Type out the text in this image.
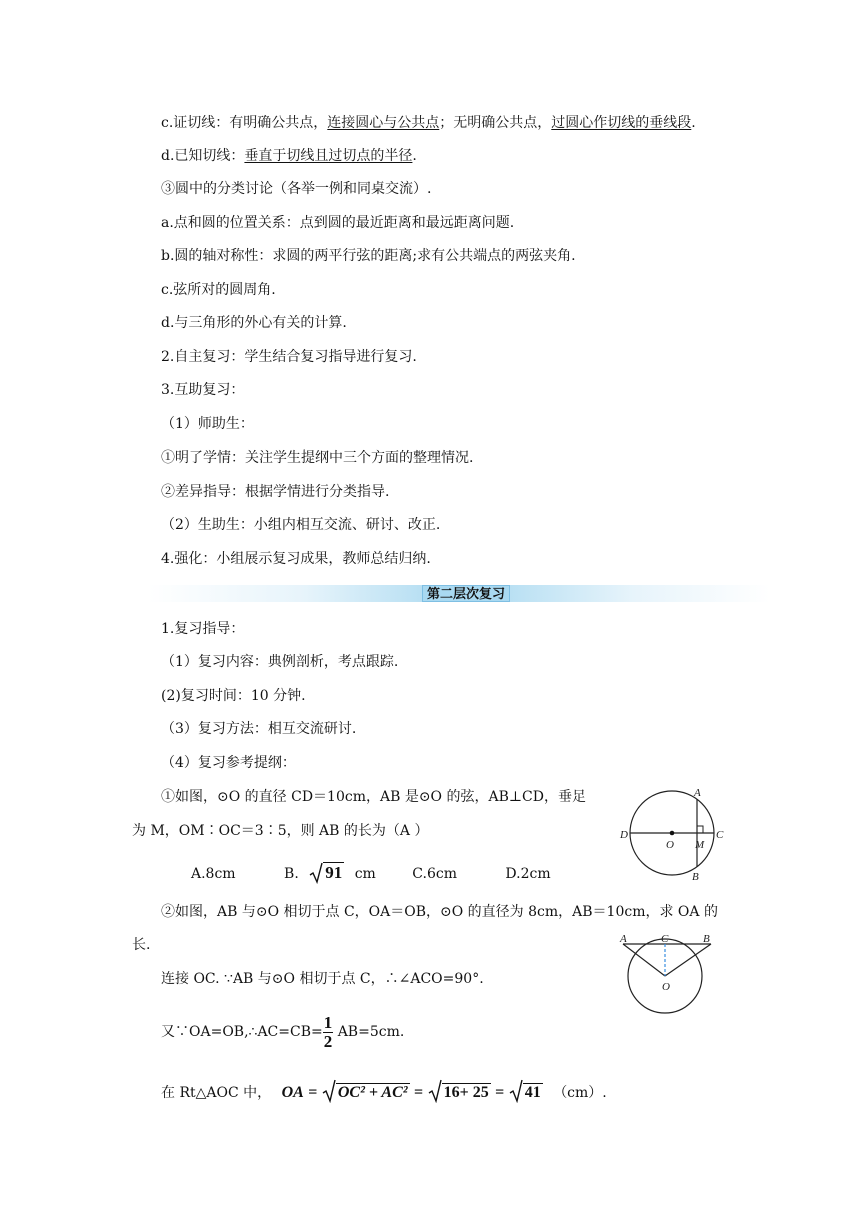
c.证切线：有明确公共点，连接圆心与公共点；无明确公共点，过圆心作切线的垂线段.
d.已知切线：垂直于切线且过切点的半径.
③圆中的分类讨论（各举一例和同桌交流）.
a.点和圆的位置关系：点到圆的最近距离和最远距离问题.
b.圆的轴对称性：求圆的两平行弦的距离;求有公共端点的两弦夹角.
c.弦所对的圆周角.
d.与三角形的外心有关的计算.
2.自主复习：学生结合复习指导进行复习.
3.互助复习：
（1）师助生：
①明了学情：关注学生提纲中三个方面的整理情况.
②差异指导：根据学情进行分类指导.
（2）生助生：小组内相互交流、研讨、改正.
4.强化：小组展示复习成果，教师总结归纳.
第二层次复习
1.复习指导：
（1）复习内容：典例剖析，考点跟踪.
(2)复习时间：10 分钟.
（3）复习方法：相互交流研讨.
（4）复习参考提纲：
①如图，⊙O 的直径 CD＝10cm，AB 是⊙O 的弦，AB⊥CD，垂足
为 M，OM∶OC＝3∶5，则 AB 的长为（A ）
A.8cm	B. 91 cm	C.6cm	D.2cm
A
B
C
D
O M
②如图，AB 与⊙O 相切于点 C，OA＝OB，⊙O 的直径为 8cm，AB＝10cm，求 OA 的
长.
连接 OC. ∵AB 与⊙O 相切于点 C，∴∠ACO=90°.
又∵OA=OB,∴AC=CB= $\frac{1}{2} AB=5cm$.
在 Rt△AOC 中， OA = OC² + AC² = 16+ 25 = 41 （cm）.
A	C	B
O
